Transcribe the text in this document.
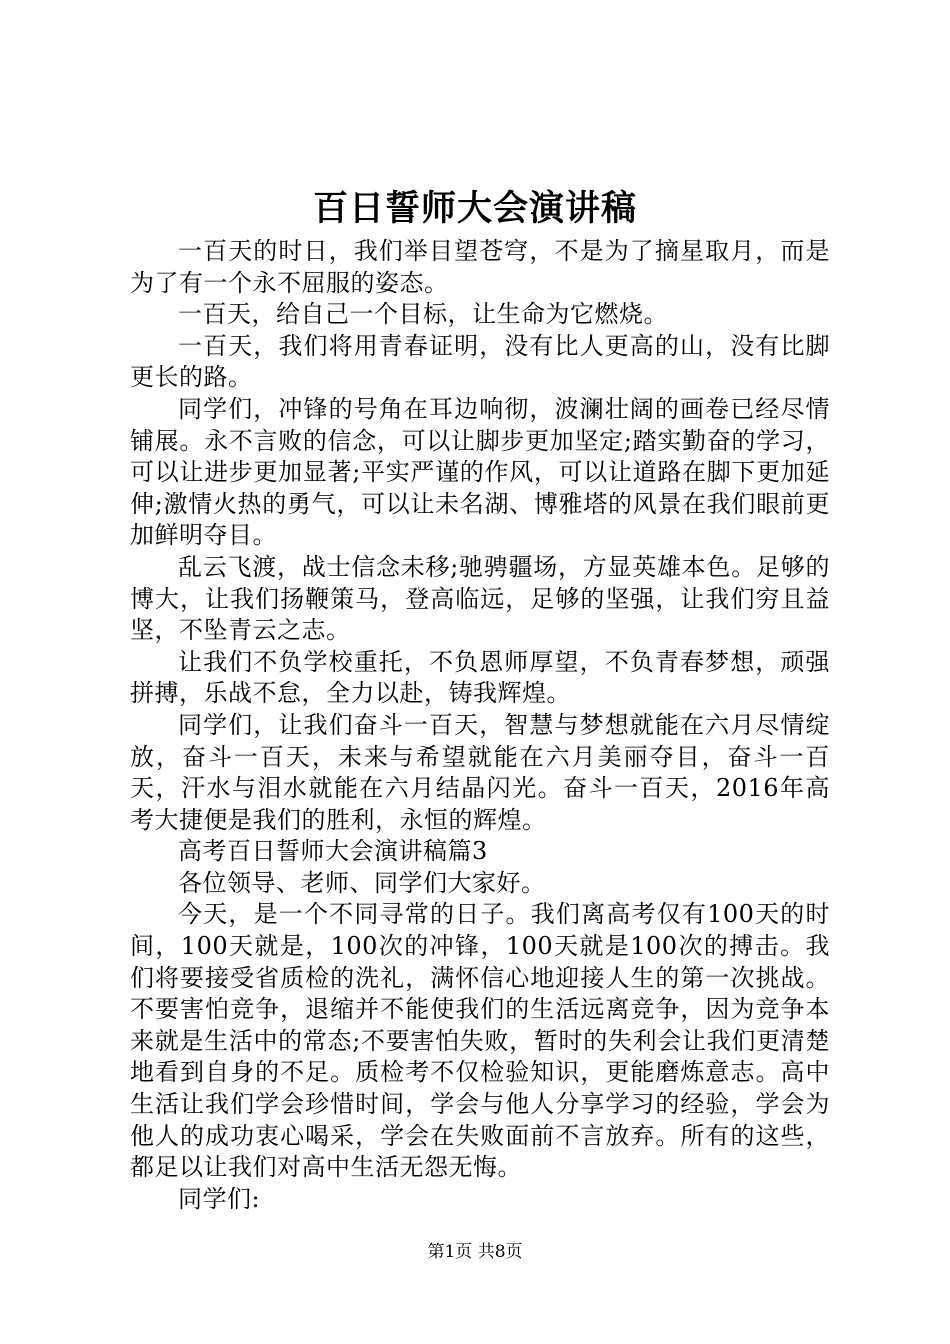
百日誓师大会演讲稿

一百天的时日，我们举目望苍穹，不是为了摘星取月，而是为了有一个永不屈服的姿态。

一百天，给自己一个目标，让生命为它燃烧。

一百天，我们将用青春证明，没有比人更高的山，没有比脚更长的路。

同学们，冲锋的号角在耳边响彻，波澜壮阔的画卷已经尽情铺展。永不言败的信念，可以让脚步更加坚定;踏实勤奋的学习，可以让进步更加显著;平实严谨的作风，可以让道路在脚下更加延伸;激情火热的勇气，可以让未名湖、博雅塔的风景在我们眼前更加鲜明夺目。

乱云飞渡，战士信念未移;驰骋疆场，方显英雄本色。足够的博大，让我们扬鞭策马，登高临远，足够的坚强，让我们穷且益坚，不坠青云之志。

让我们不负学校重托，不负恩师厚望，不负青春梦想，顽强拼搏，乐战不怠，全力以赴，铸我辉煌。

同学们，让我们奋斗一百天，智慧与梦想就能在六月尽情绽放，奋斗一百天，未来与希望就能在六月美丽夺目，奋斗一百天，汗水与泪水就能在六月结晶闪光。奋斗一百天，2016年高考大捷便是我们的胜利，永恒的辉煌。

高考百日誓师大会演讲稿篇3

各位领导、老师、同学们大家好。

今天，是一个不同寻常的日子。我们离高考仅有100天的时间，100天就是，100次的冲锋，100天就是100次的搏击。我们将要接受省质检的洗礼，满怀信心地迎接人生的第一次挑战。不要害怕竞争，退缩并不能使我们的生活远离竞争，因为竞争本来就是生活中的常态;不要害怕失败，暂时的失利会让我们更清楚地看到自身的不足。质检考不仅检验知识，更能磨炼意志。高中生活让我们学会珍惜时间，学会与他人分享学习的经验，学会为他人的成功衷心喝采，学会在失败面前不言放弃。所有的这些，都足以让我们对高中生活无怨无悔。

同学们:

第1页 共8页
